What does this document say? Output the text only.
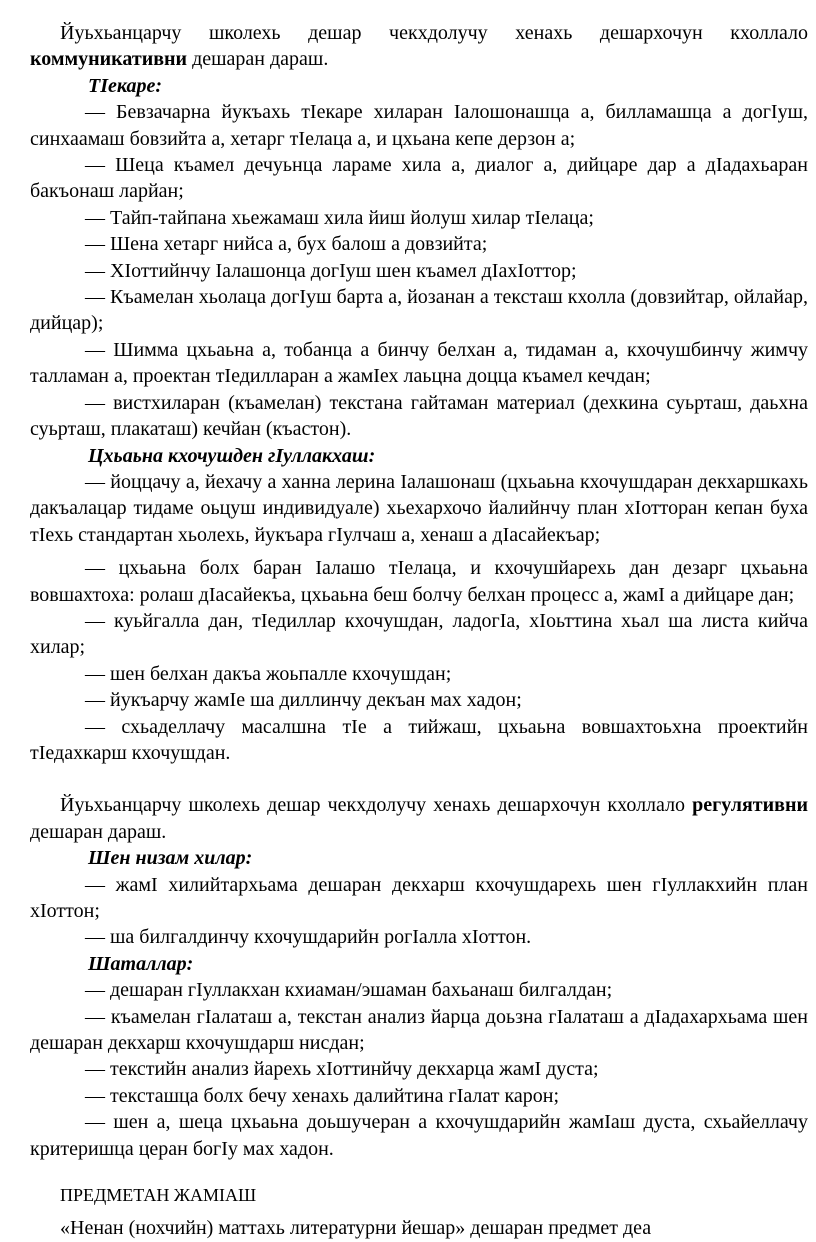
Йуьхьанцарчу школехь дешар чекхдолучу хенахь дешархочун кхоллало коммуникативни дешаран дараш.

ТIекаре:

— Бевзачарна йукъахь тIекаре хиларан Iалошонашца а, билламашца а догIуш, синхаамаш бовзийта а, хетарг тIелаца а, и цхьана кепе дерзон а;

— Шеца къамел дечуьнца лараме хила а, диалог а, дийцаре дар а дIадахьаран бакъонаш ларйан;

— Тайп-тайпана хьежамаш хила йиш йолуш хилар тIелаца;

— Шена хетарг нийса а, бух балош а довзийта;

— ХIоттийнчу Iалашонца догIуш шен къамел дIахIоттор;

— Къамелан хьолаца догIуш барта а, йозанан а тексташ кхолла (довзийтар, ойлайар, дийцар);

— Шимма цхьаьна а, тобанца а бинчу белхан а, тидаман а, кхочушбинчу жимчу талламан а, проектан тIедилларан а жамIех лаьцна доцца къамел кечдан;

— вистхиларан (къамелан) текстана гайтаман материал (дехкина суьрташ, даьхна суьрташ, плакаташ) кечйан (къастон).

Цхьаьна кхочушден гIуллакхаш:

— йоццачу а, йехачу а ханна лерина Iалашонаш (цхьаьна кхочушдаран декхаршкахь дакъалацар тидаме оьцуш индивидуале) хьехархочо йалийнчу план хIотторан кепан буха тIехь стандартан хьолехь, йукъара гIулчаш а, хенаш а дIасайекъар;

— цхьаьна болх баран Iалашо тIелаца, и кхочушйарехь дан дезарг цхьаьна вовшахтоха: ролаш дIасайекъа, цхьаьна беш болчу белхан процесс а, жамI а дийцаре дан;

— куьйгалла дан, тIедиллар кхочушдан, ладогIа, хIоьттина хьал ша листа кийча хилар;

— шен белхан дакъа жоьпалле кхочушдан;

— йукъарчу жамIе ша диллинчу декъан мах хадон;

— схьаделлачу масалшна тIе а тийжаш, цхьаьна вовшахтоьхна проектийн тIедахкарш кхочушдан.

Йуьхьанцарчу школехь дешар чекхдолучу хенахь дешархочун кхоллало регулятивни дешаран дараш.

Шен низам хилар:

— жамI хилийтархьама дешаран декхарш кхочушдарехь шен гIуллакхийн план хIоттон;

— ша билгалдинчу кхочушдарийн рогIалла хIоттон.

Шаталлар:

— дешаран гIуллакхан кхиаман/эшаман бахьанаш билгалдан;

— къамелан гIалаташ а, текстан анализ йарца доьзна гIалаташ а дIадахархьама шен дешаран декхарш кхочушдарш нисдан;

— текстийн анализ йарехь хIоттинйчу декхарца жамI дуста;

— тексташца болх бечу хенахь далийтина гIалат карон;

— шен а, шеца цхьаьна доьшучеран а кхочушдарийн жамIаш дуста, схьайеллачу критеришца церан богIу мах хадон.

ПРЕДМЕТАН ЖАМIАШ

«Ненан (нохчийн) маттахь литературни йешар» дешаран предмет деа
